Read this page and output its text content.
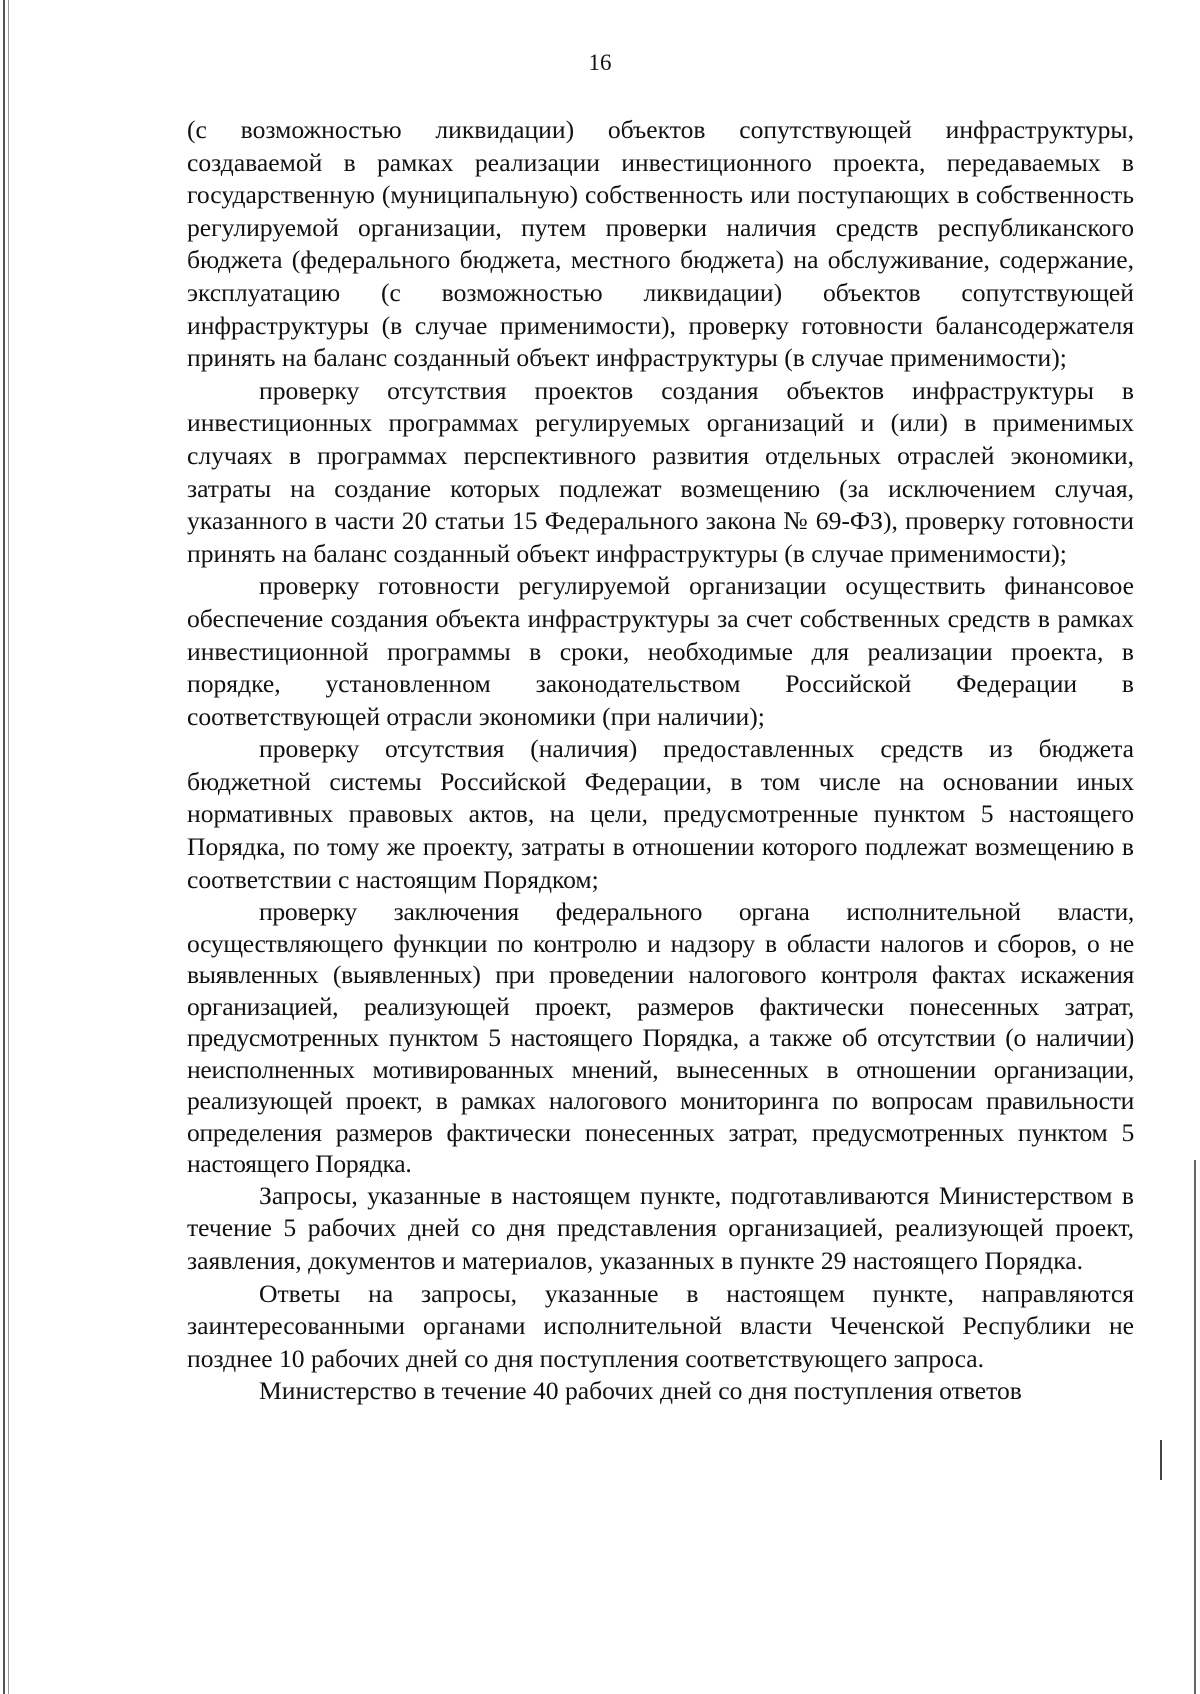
16

(с возможностью ликвидации) объектов сопутствующей инфраструктуры, создаваемой в рамках реализации инвестиционного проекта, передаваемых в государственную (муниципальную) собственность или поступающих в собственность регулируемой организации, путем проверки наличия средств республиканского бюджета (федерального бюджета, местного бюджета) на обслуживание, содержание, эксплуатацию (с возможностью ликвидации) объектов сопутствующей инфраструктуры (в случае применимости), проверку готовности балансодержателя принять на баланс созданный объект инфраструктуры (в случае применимости);

проверку отсутствия проектов создания объектов инфраструктуры в инвестиционных программах регулируемых организаций и (или) в применимых случаях в программах перспективного развития отдельных отраслей экономики, затраты на создание которых подлежат возмещению (за исключением случая, указанного в части 20 статьи 15 Федерального закона № 69-ФЗ), проверку готовности принять на баланс созданный объект инфраструктуры (в случае применимости);

проверку готовности регулируемой организации осуществить финансовое обеспечение создания объекта инфраструктуры за счет собственных средств в рамках инвестиционной программы в сроки, необходимые для реализации проекта, в порядке, установленном законодательством Российской Федерации в соответствующей отрасли экономики (при наличии);

проверку отсутствия (наличия) предоставленных средств из бюджета бюджетной системы Российской Федерации, в том числе на основании иных нормативных правовых актов, на цели, предусмотренные пунктом 5 настоящего Порядка, по тому же проекту, затраты в отношении которого подлежат возмещению в соответствии с настоящим Порядком;

проверку заключения федерального органа исполнительной власти, осуществляющего функции по контролю и надзору в области налогов и сборов, о не выявленных (выявленных) при проведении налогового контроля фактах искажения организацией, реализующей проект, размеров фактически понесенных затрат, предусмотренных пунктом 5 настоящего Порядка, а также об отсутствии (о наличии) неисполненных мотивированных мнений, вынесенных в отношении организации, реализующей проект, в рамках налогового мониторинга по вопросам правильности определения размеров фактически понесенных затрат, предусмотренных пунктом 5 настоящего Порядка.

Запросы, указанные в настоящем пункте, подготавливаются Министерством в течение 5 рабочих дней со дня представления организацией, реализующей проект, заявления, документов и материалов, указанных в пункте 29 настоящего Порядка.

Ответы на запросы, указанные в настоящем пункте, направляются заинтересованными органами исполнительной власти Чеченской Республики не позднее 10 рабочих дней со дня поступления соответствующего запроса.

Министерство в течение 40 рабочих дней со дня поступления ответов
